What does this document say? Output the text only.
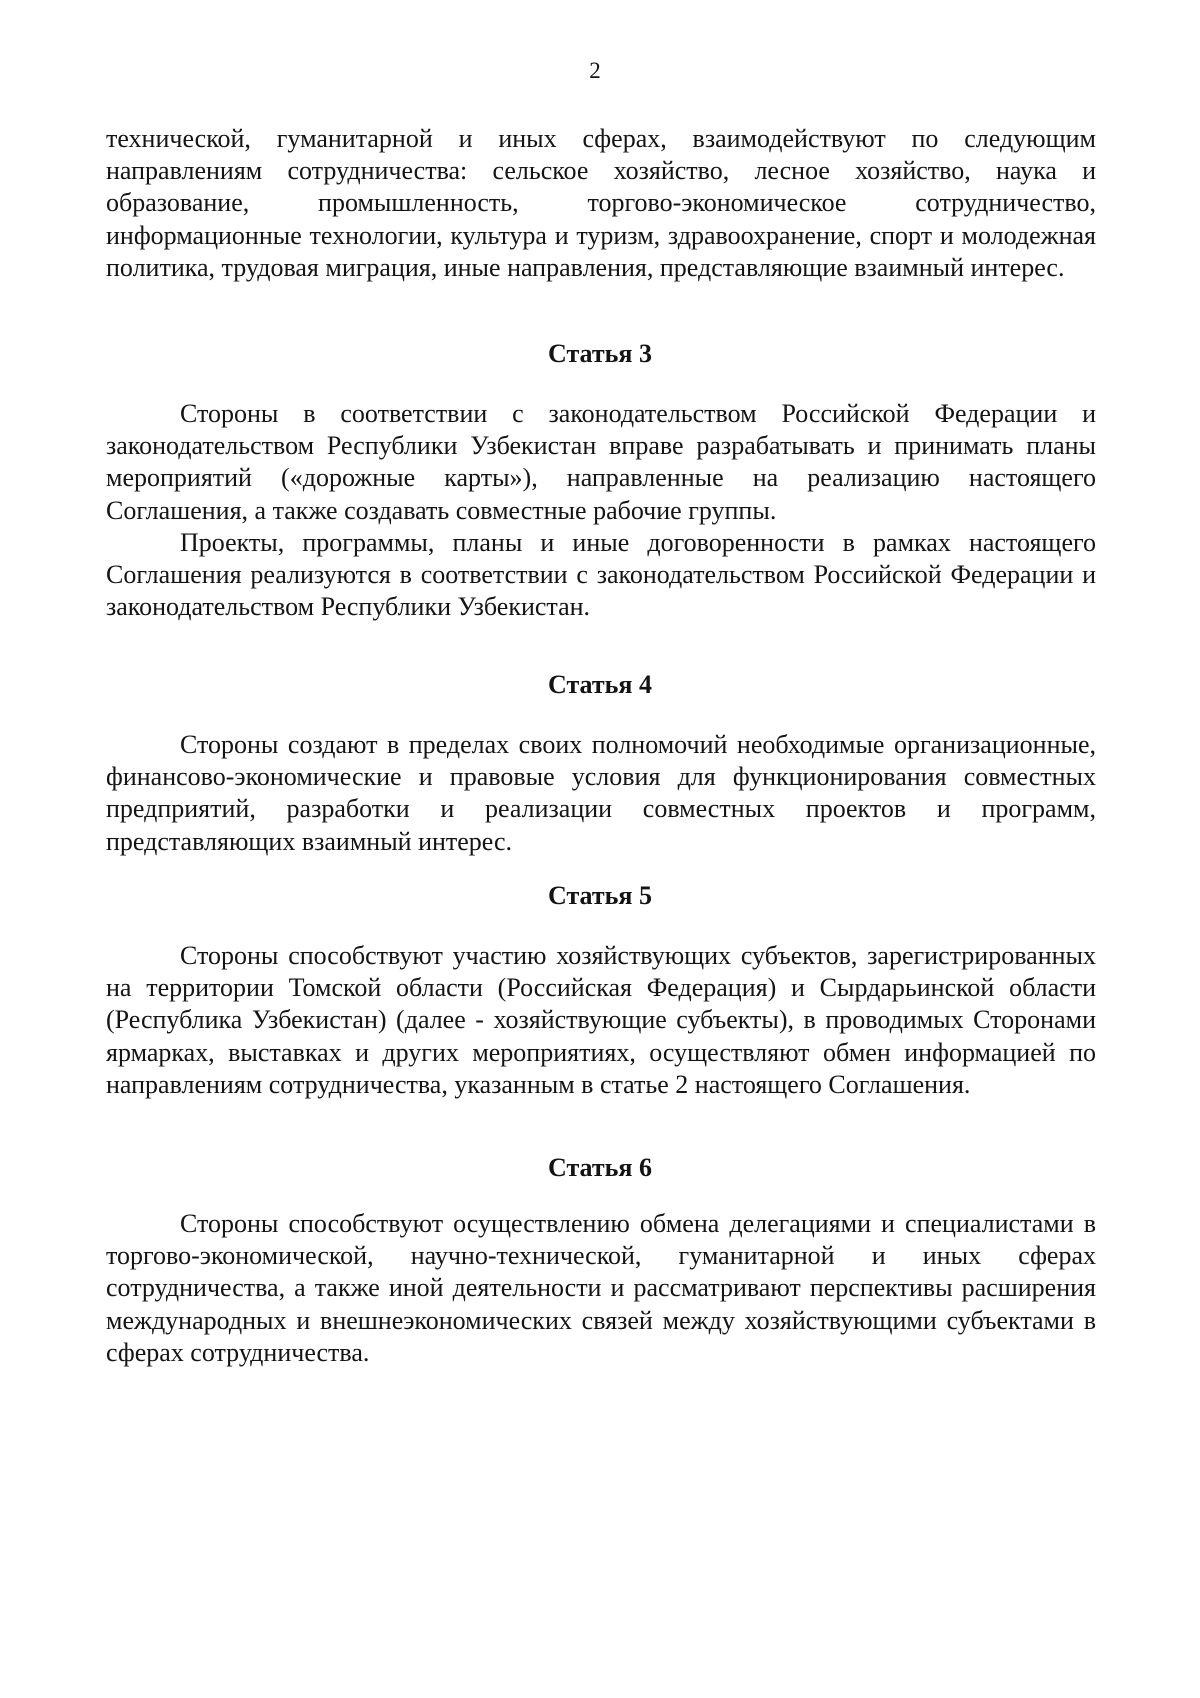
2

технической, гуманитарной и иных сферах, взаимодействуют по следующим направлениям сотрудничества: сельское хозяйство, лесное хозяйство, наука и образование, промышленность, торгово-экономическое сотрудничество, информационные технологии, культура и туризм, здравоохранение, спорт и молодежная политика, трудовая миграция, иные направления, представляющие взаимный интерес.

Статья 3

Стороны в соответствии с законодательством Российской Федерации и законодательством Республики Узбекистан вправе разрабатывать и принимать планы мероприятий («дорожные карты»), направленные на реализацию настоящего Соглашения, а также создавать совместные рабочие группы.

Проекты, программы, планы и иные договоренности в рамках настоящего Соглашения реализуются в соответствии с законодательством Российской Федерации и законодательством Республики Узбекистан.

Статья 4

Стороны создают в пределах своих полномочий необходимые организационные, финансово-экономические и правовые условия для функционирования совместных предприятий, разработки и реализации совместных проектов и программ, представляющих взаимный интерес.

Статья 5

Стороны способствуют участию хозяйствующих субъектов, зарегистрированных на территории Томской области (Российская Федерация) и Сырдарьинской области (Республика Узбекистан) (далее - хозяйствующие субъекты), в проводимых Сторонами ярмарках, выставках и других мероприятиях, осуществляют обмен информацией по направлениям сотрудничества, указанным в статье 2 настоящего Соглашения.

Статья 6

Стороны способствуют осуществлению обмена делегациями и специалистами в торгово-экономической, научно-технической, гуманитарной и иных сферах сотрудничества, а также иной деятельности и рассматривают перспективы расширения международных и внешнеэкономических связей между хозяйствующими субъектами в сферах сотрудничества.
